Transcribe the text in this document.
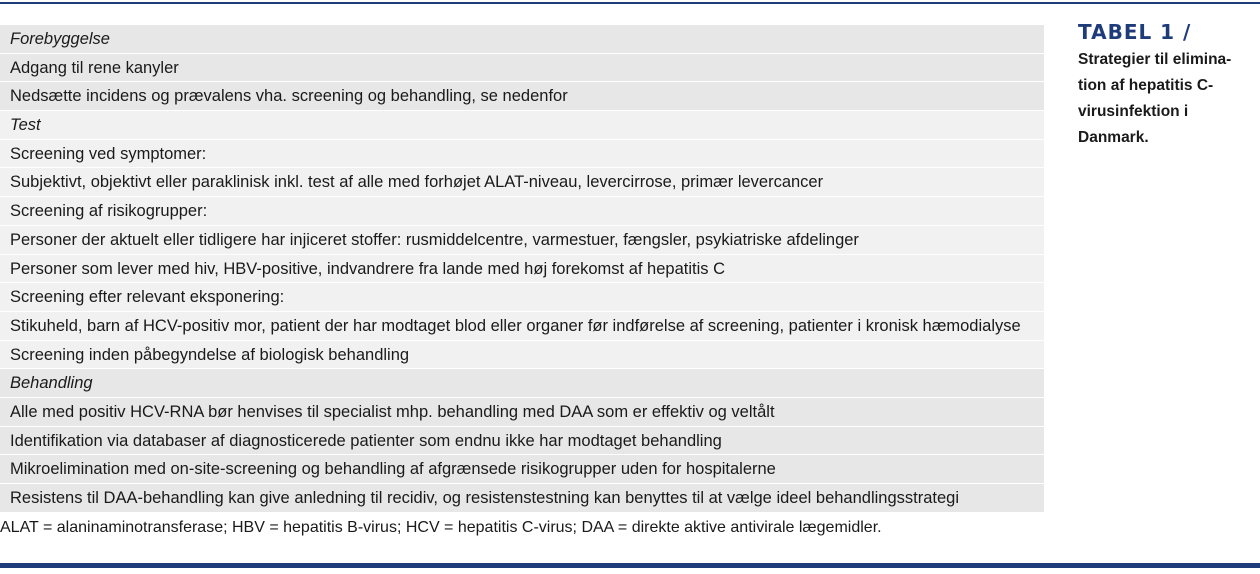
Forebyggelse
Adgang til rene kanyler
Nedsætte incidens og prævalens vha. screening og behandling, se nedenfor
Test
Screening ved symptomer:
Subjektivt, objektivt eller paraklinisk inkl. test af alle med forhøjet ALAT-niveau, levercirrose, primær levercancer
Screening af risikogrupper:
Personer der aktuelt eller tidligere har injiceret stoffer: rusmiddelcentre, varmestuer, fængsler, psykiatriske afdelinger
Personer som lever med hiv, HBV-positive, indvandrere fra lande med høj forekomst af hepatitis C
Screening efter relevant eksponering:
Stikuheld, barn af HCV-positiv mor, patient der har modtaget blod eller organer før indførelse af screening, patienter i kronisk hæmodialyse
Screening inden påbegyndelse af biologisk behandling
Behandling
Alle med positiv HCV-RNA bør henvises til specialist mhp. behandling med DAA som er effektiv og veltålt
Identifikation via databaser af diagnosticerede patienter som endnu ikke har modtaget behandling
Mikroelimination med on-site-screening og behandling af afgrænsede risikogrupper uden for hospitalerne
Resistens til DAA-behandling kan give anledning til recidiv, og resistenstestning kan benyttes til at vælge ideel behandlingsstrategi
ALAT = alaninaminotransferase; HBV = hepatitis B-virus; HCV = hepatitis C-virus; DAA = direkte aktive antivirale lægemidler.
TABEL 1 /
Strategier til elimina-
tion af hepatitis C-
virusinfektion i
Danmark.
